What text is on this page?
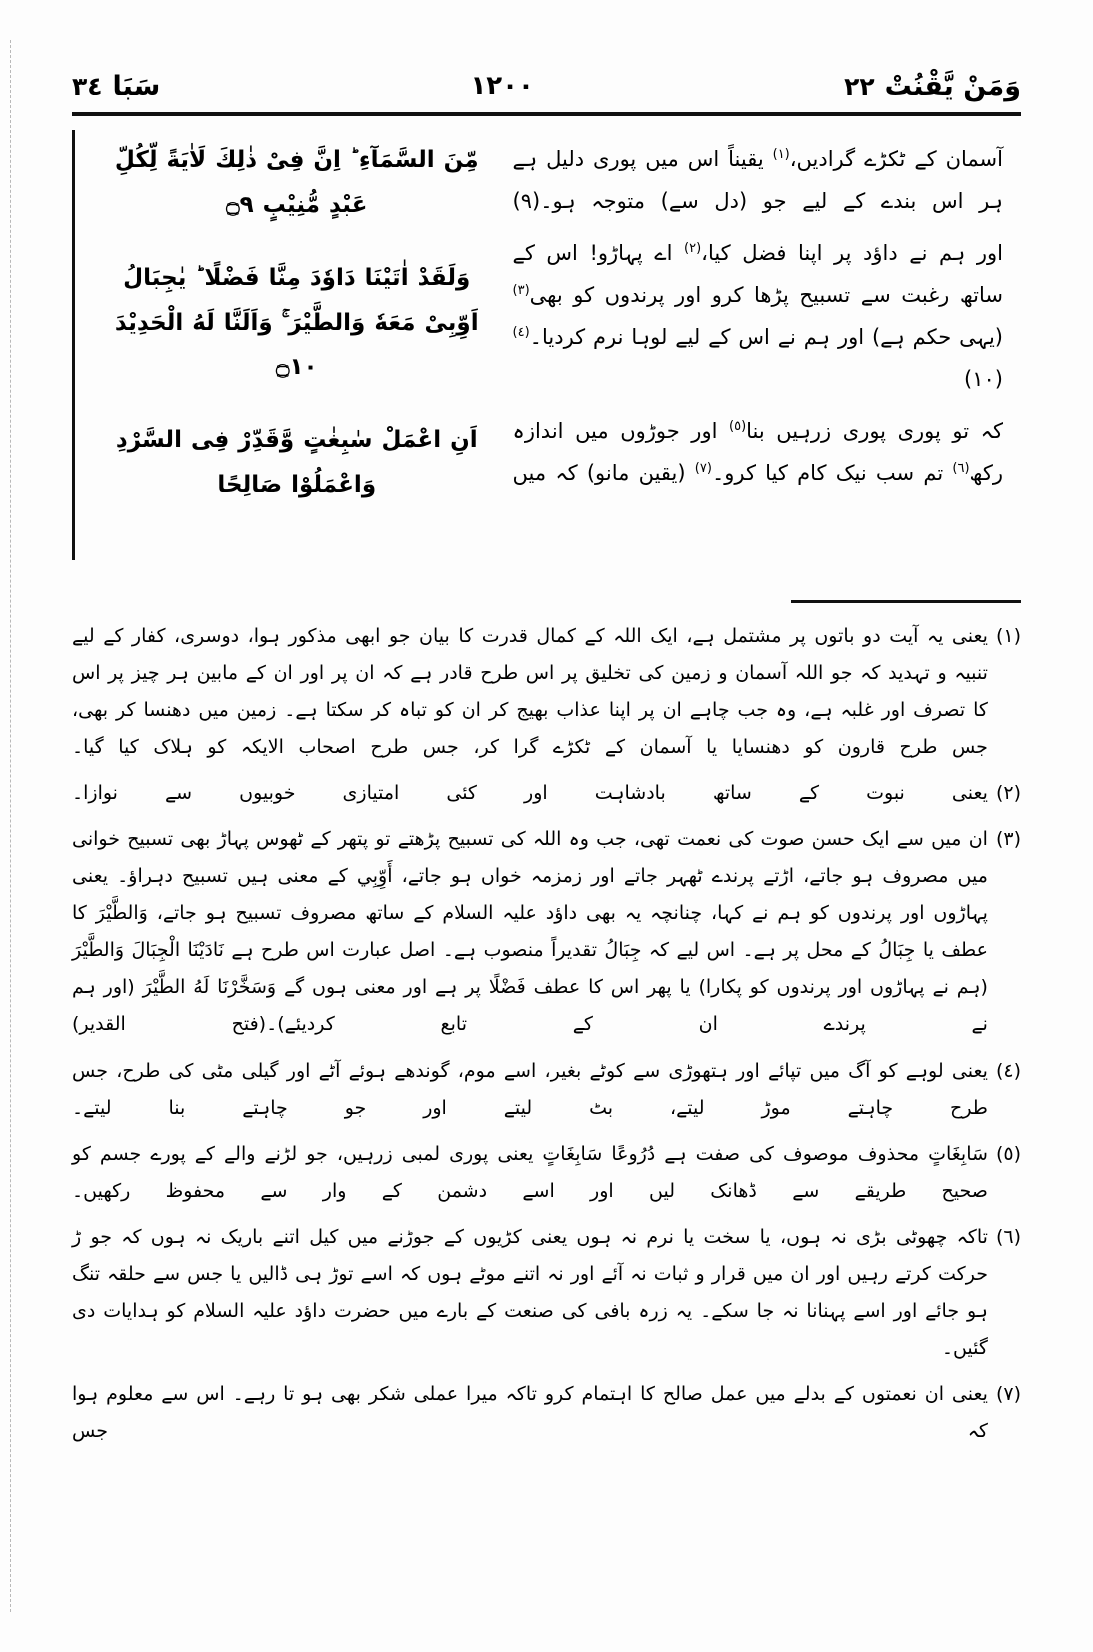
وَمَنْ يَّقْنُتْ
٢٢
١٢٠٠
سَبَا
٣٤
مِّنَ السَّمَآءِ ؕ اِنَّ فِىْ ذٰلِكَ لَاٰيَةً لِّكُلِّ عَبْدٍ مُّنِيْبٍ ۝٩
وَلَقَدْ اٰتَيْنَا دَاوٗدَ مِنَّا فَضْلًا ؕ يٰجِبَالُ اَوِّبِىْ مَعَهٗ وَالطَّيْرَ ۚ وَاَلَنَّا لَهُ الْحَدِيْدَ ۝١٠
اَنِ اعْمَلْ سٰبِغٰتٍ وَّقَدِّرْ فِى السَّرْدِ وَاعْمَلُوْا صَالِحًا

آسمان کے ٹکڑے گرادیں،$^{(١)}$ یقیناً اس میں پوری دلیل ہے ہر اس بندے کے لیے جو (دل سے) متوجہ ہو۔(٩)

اور ہم نے داؤد پر اپنا فضل کیا،$^{(٢)}$ اے پہاڑو! اس کے ساتھ رغبت سے تسبیح پڑھا کرو اور پرندوں کو بھی$^{(٣)}$ (یہی حکم ہے) اور ہم نے اس کے لیے لوہا نرم کردیا۔$^{(٤)}$ (١٠)

کہ تو پوری پوری زرہیں بنا$^{(٥)}$ اور جوڑوں میں اندازہ رکھ$^{(٦)}$ تم سب نیک کام کیا کرو۔$^{(٧)}$ (یقین مانو) کہ میں

(١)
یعنی یہ آیت دو باتوں پر مشتمل ہے، ایک اللہ کے کمال قدرت کا بیان جو ابھی مذکور ہوا، دوسری، کفار کے لیے تنبیہ و تہدید کہ جو اللہ آسمان و زمین کی تخلیق پر اس طرح قادر ہے کہ ان پر اور ان کے مابین ہر چیز پر اس کا تصرف اور غلبہ ہے، وہ جب چاہے ان پر اپنا عذاب بھیج کر ان کو تباہ کر سکتا ہے۔ زمین میں دھنسا کر بھی، جس طرح قارون کو دھنسایا یا آسمان کے ٹکڑے گرا کر، جس طرح اصحاب الایکہ کو ہلاک کیا گیا۔
(٢)
یعنی نبوت کے ساتھ بادشاہت اور کئی امتیازی خوبیوں سے نوازا۔
(٣)
ان میں سے ایک حسن صوت کی نعمت تھی، جب وہ اللہ کی تسبیح پڑھتے تو پتھر کے ٹھوس پہاڑ بھی تسبیح خوانی میں مصروف ہو جاتے، اڑتے پرندے ٹھہر جاتے اور زمزمہ خواں ہو جاتے، أَوِّبِي کے معنی ہیں تسبیح دہراؤ۔ یعنی پہاڑوں اور پرندوں کو ہم نے کہا، چنانچہ یہ بھی داؤد علیہ السلام کے ساتھ مصروف تسبیح ہو جاتے، وَالطَّيْرَ کا عطف یا جِبَالُ کے محل پر ہے۔ اس لیے کہ جِبَالُ تقدیراً منصوب ہے۔ اصل عبارت اس طرح ہے نَادَيْنَا الْجِبَالَ وَالطَّيْرَ (ہم نے پہاڑوں اور پرندوں کو پکارا) یا پھر اس کا عطف فَضْلًا پر ہے اور معنی ہوں گے وَسَخَّرْنَا لَهُ الطَّيْرَ (اور ہم نے پرندے ان کے تابع کردیئے)۔(فتح القدیر)
(٤)
یعنی لوہے کو آگ میں تپائے اور ہتھوڑی سے کوٹے بغیر، اسے موم، گوندھے ہوئے آٹے اور گیلی مٹی کی طرح، جس طرح چاہتے موڑ لیتے، بٹ لیتے اور جو چاہتے بنا لیتے۔
(٥)
سَابِغَاتٍ محذوف موصوف کی صفت ہے دُرُوعًا سَابِغَاتٍ یعنی پوری لمبی زرہیں، جو لڑنے والے کے پورے جسم کو صحیح طریقے سے ڈھانک لیں اور اسے دشمن کے وار سے محفوظ رکھیں۔
(٦)
تاکہ چھوٹی بڑی نہ ہوں، یا سخت یا نرم نہ ہوں یعنی کڑیوں کے جوڑنے میں کیل اتنے باریک نہ ہوں کہ جو ڑ حرکت کرتے رہیں اور ان میں قرار و ثبات نہ آئے اور نہ اتنے موٹے ہوں کہ اسے توڑ ہی ڈالیں یا جس سے حلقہ تنگ ہو جائے اور اسے پہنانا نہ جا سکے۔ یہ زرہ بافی کی صنعت کے بارے میں حضرت داؤد علیہ السلام کو ہدایات دی گئیں۔
(٧)
یعنی ان نعمتوں کے بدلے میں عمل صالح کا اہتمام کرو تاکہ میرا عملی شکر بھی ہو تا رہے۔ اس سے معلوم ہوا کہ جس
